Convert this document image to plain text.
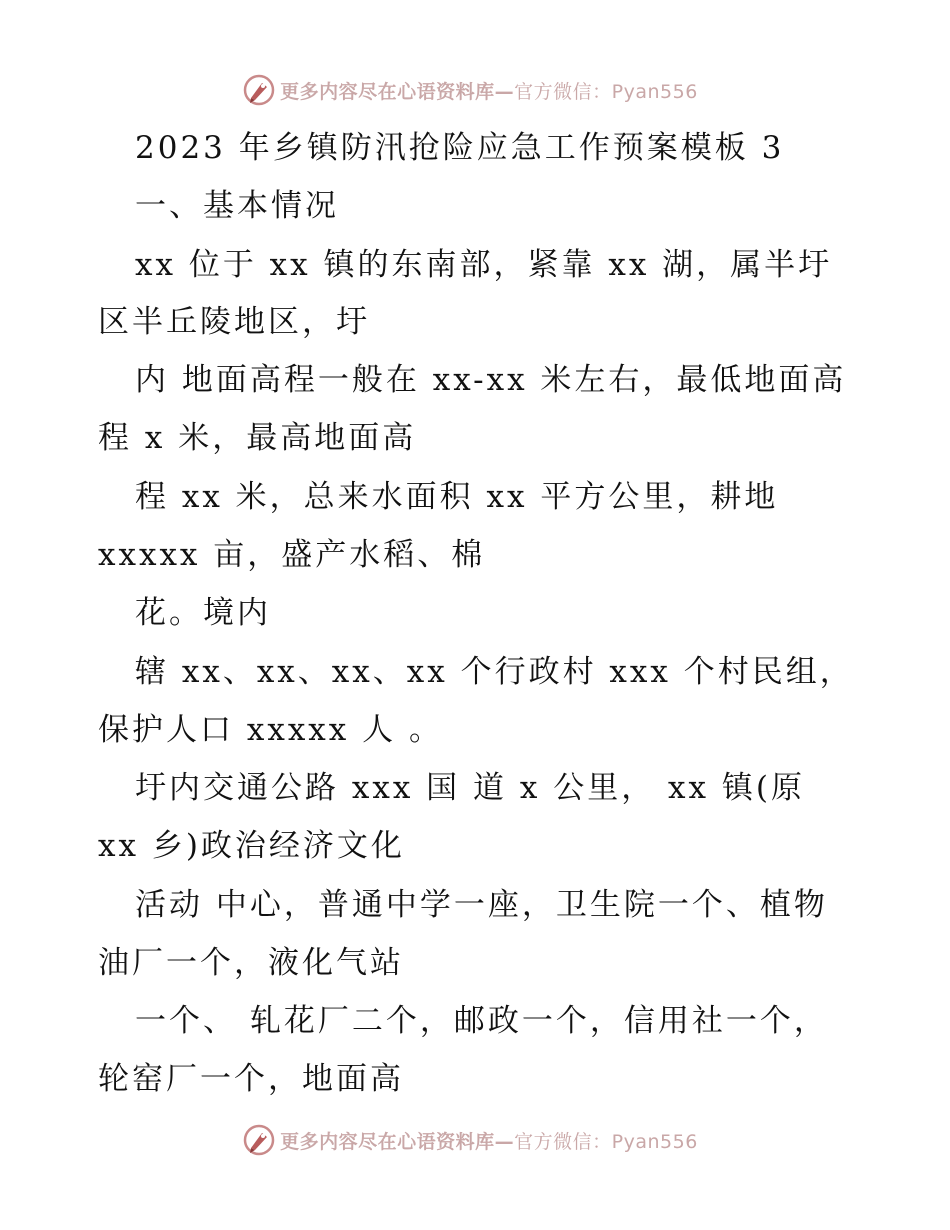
更多内容尽在心语资料库—官方微信：Pyan556
2023 年乡镇防汛抢险应急工作预案模板 3
一、基本情况
xx 位于 xx 镇的东南部，紧靠 xx 湖，属半圩
区半丘陵地区，圩
内 地面高程一般在 xx-xx 米左右，最低地面高
程 x 米，最高地面高
程 xx 米，总来水面积 xx 平方公里，耕地
xxxxx 亩，盛产水稻、棉
花。境内
辖 xx、xx、xx、xx 个行政村 xxx 个村民组，
保护人口 xxxxx 人 。
圩内交通公路 xxx 国 道 x 公里， xx 镇(原
xx 乡)政治经济文化
活动 中心，普通中学一座，卫生院一个、植物
油厂一个，液化气站
一个、 轧花厂二个，邮政一个，信用社一个，
轮窑厂一个，地面高
更多内容尽在心语资料库—官方微信：Pyan556
